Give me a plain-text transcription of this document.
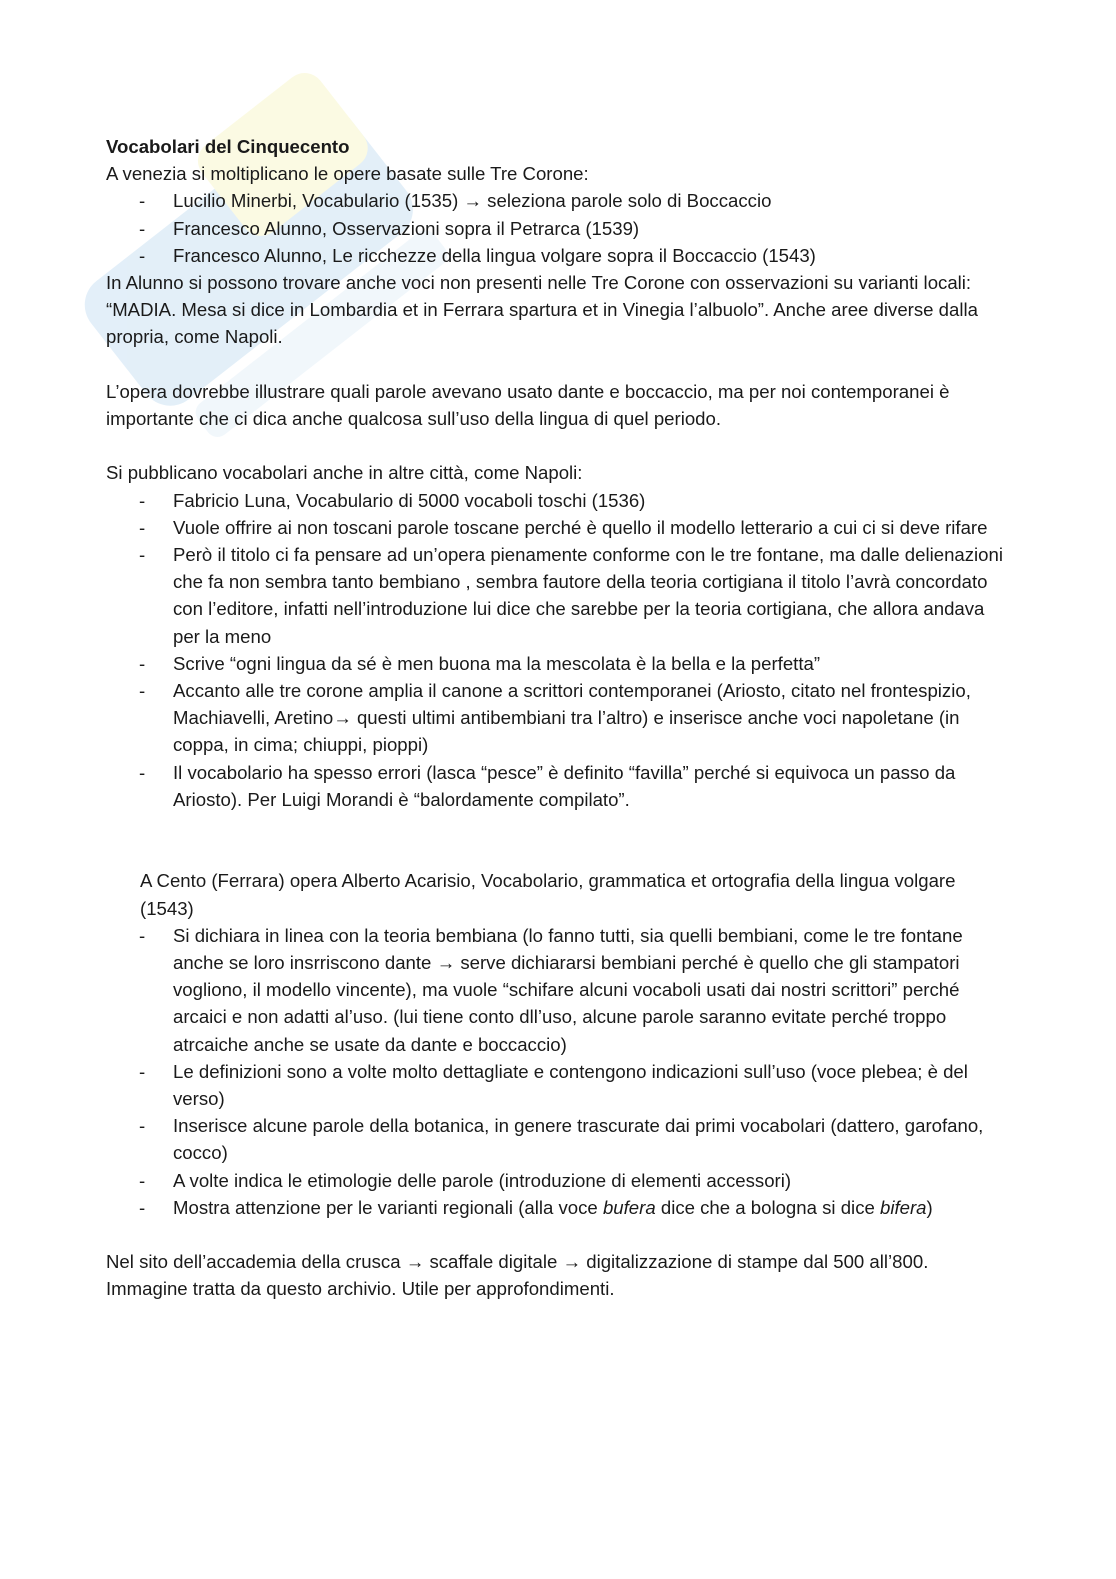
Vocabolari del Cinquecento

A venezia si moltiplicano le opere basate sulle Tre Corone:

- Lucilio Minerbi, Vocabulario (1535) → seleziona parole solo di Boccaccio
- Francesco Alunno, Osservazioni sopra il Petrarca (1539)
- Francesco Alunno, Le ricchezze della lingua volgare sopra il Boccaccio (1543)

In Alunno si possono trovare anche voci non presenti nelle Tre Corone con osservazioni su varianti locali: “MADIA. Mesa si dice in Lombardia et in Ferrara spartura et in Vinegia l’albuolo”. Anche aree diverse dalla propria, come Napoli.

L’opera dovrebbe illustrare quali parole avevano usato dante e boccaccio, ma per noi contemporanei è importante che ci dica anche qualcosa sull’uso della lingua di quel periodo.

Si pubblicano vocabolari anche in altre città, come Napoli:

- Fabricio Luna, Vocabulario di 5000 vocaboli toschi (1536)
- Vuole offrire ai non toscani parole toscane perché è quello il modello letterario a cui ci si deve rifare
- Però il titolo ci fa pensare ad un’opera pienamente conforme con le tre fontane, ma dalle delienazioni che fa non sembra tanto bembiano , sembra fautore della teoria cortigiana il titolo l’avrà concordato con l’editore, infatti nell’introduzione lui dice che sarebbe per la teoria cortigiana, che allora andava per la meno
- Scrive “ogni lingua da sé è men buona ma la mescolata è la bella e la perfetta”
- Accanto alle tre corone amplia il canone a scrittori contemporanei (Ariosto, citato nel frontespizio, Machiavelli, Aretino→ questi ultimi antibembiani tra l’altro) e inserisce anche voci napoletane (in coppa, in cima; chiuppi, pioppi)
- Il vocabolario ha spesso errori (lasca “pesce” è definito “favilla” perché si equivoca un passo da Ariosto). Per Luigi Morandi è “balordamente compilato”.

A Cento (Ferrara) opera Alberto Acarisio, Vocabolario, grammatica et ortografia della lingua volgare (1543)

- Si dichiara in linea con la teoria bembiana (lo fanno tutti, sia quelli bembiani, come le tre fontane anche se loro insrriscono dante → serve dichiararsi bembiani perché è quello che gli stampatori vogliono, il modello vincente), ma vuole “schifare alcuni vocaboli usati dai nostri scrittori” perché arcaici e non adatti al’uso. (lui tiene conto dll’uso, alcune parole saranno evitate perché troppo atrcaiche anche se usate da dante e boccaccio)
- Le definizioni sono a volte molto dettagliate e contengono indicazioni sull’uso (voce plebea; è del verso)
- Inserisce alcune parole della botanica, in genere trascurate dai primi vocabolari (dattero, garofano, cocco)
- A volte indica le etimologie delle parole (introduzione di elementi accessori)
- Mostra attenzione per le varianti regionali (alla voce bufera dice che a bologna si dice bifera)

Nel sito dell’accademia della crusca → scaffale digitale → digitalizzazione di stampe dal 500 all’800.

Immagine tratta da questo archivio. Utile per approfondimenti.
